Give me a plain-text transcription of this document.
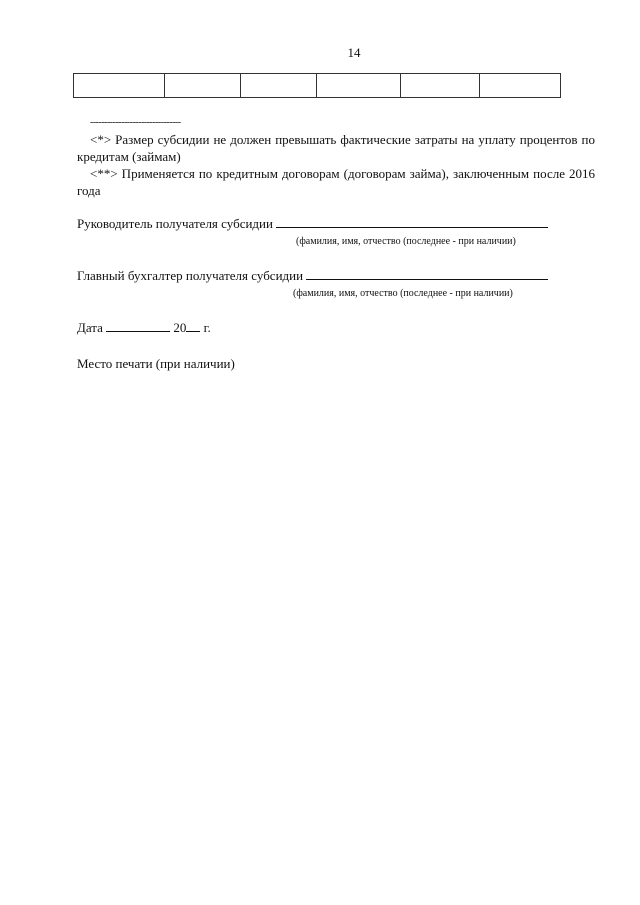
14

--------------------------------
<*> Размер субсидии не должен превышать фактические затраты на уплату процентов по кредитам (займам)
<**> Применяется по кредитным договорам (договорам займа), заключенным после 2016 года
Руководитель получателя субсидии
(фамилия, имя, отчество (последнее - при наличии)
Главный бухгалтер получателя субсидии
(фамилия, имя, отчество (последнее - при наличии)
Дата	20 г.
Место печати (при наличии)
